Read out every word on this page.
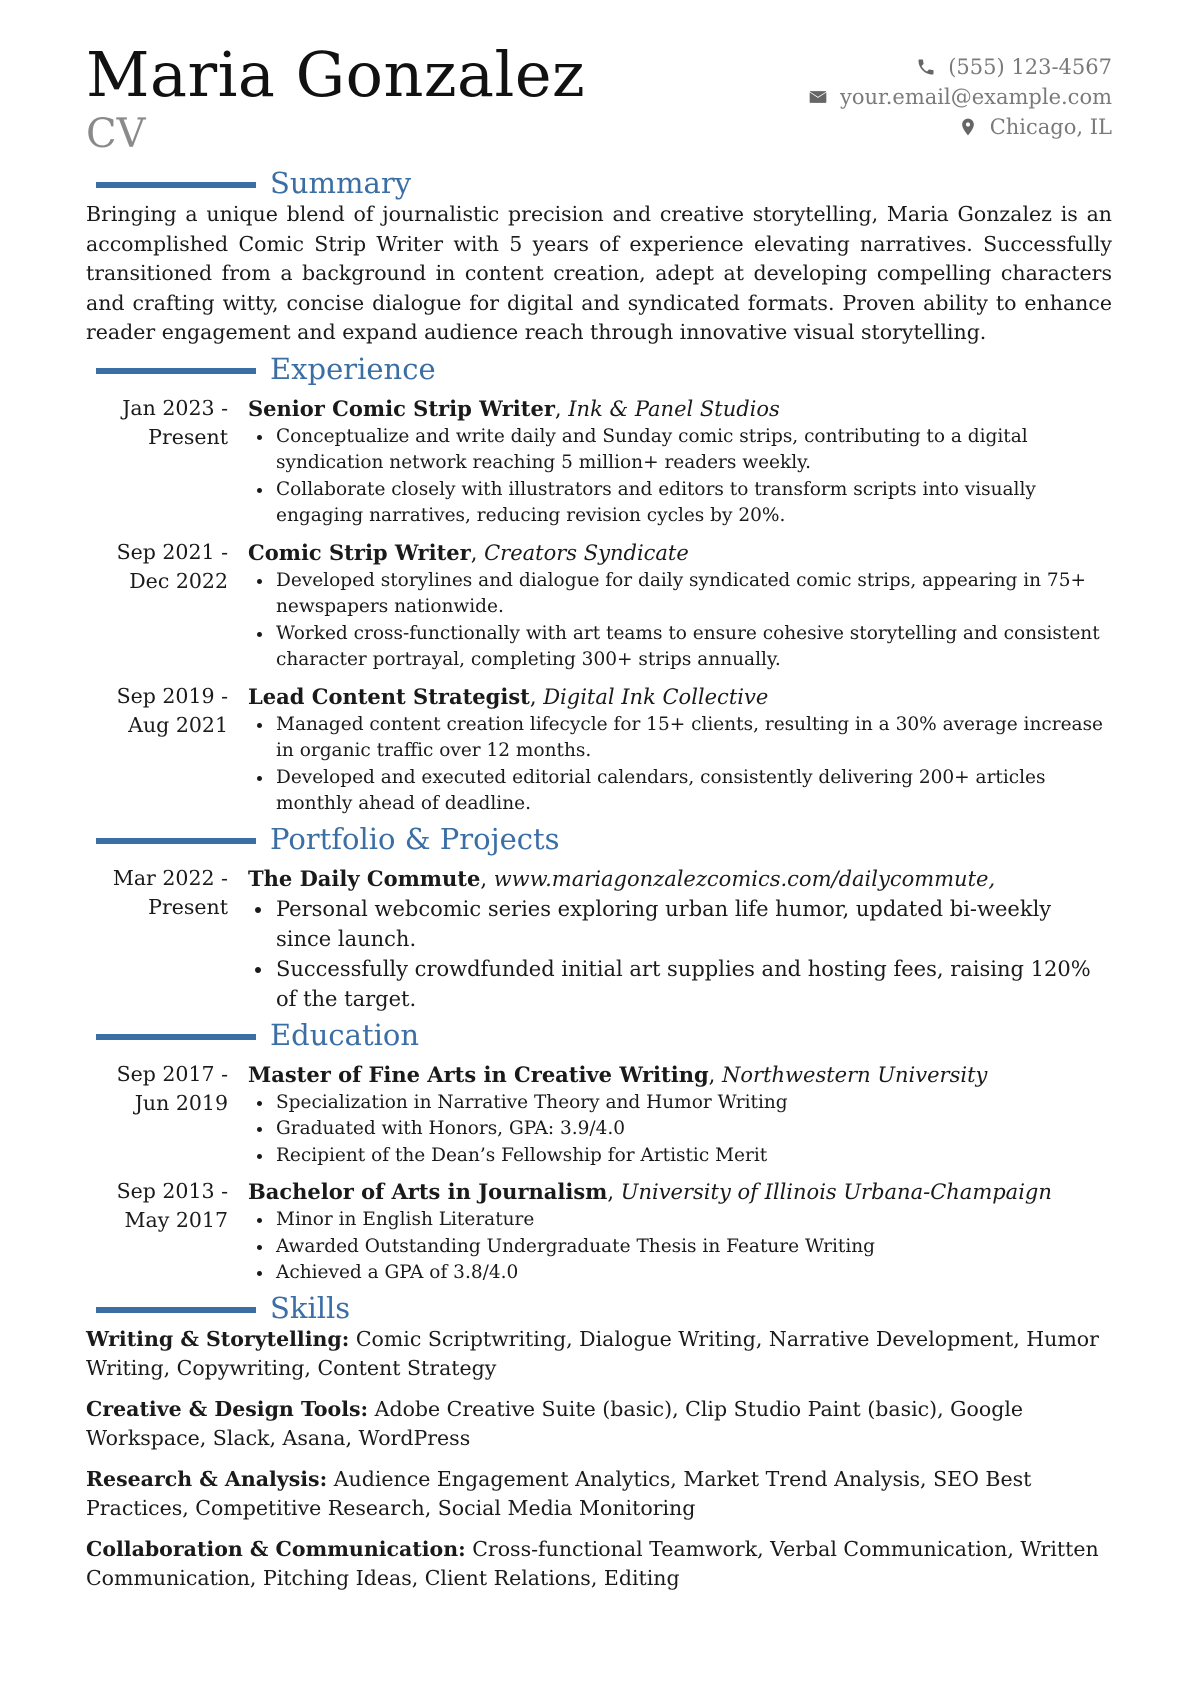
Maria Gonzalez
CV
(555) 123-4567
your.email@example.com
Chicago, IL
Summary

Bringing a unique blend of journalistic precision and creative storytelling, Maria Gonzalez is an accomplished Comic Strip Writer with 5 years of experience elevating narratives. Successfully transitioned from a background in content creation, adept at developing compelling characters and crafting witty, concise dialogue for digital and syndicated formats. Proven ability to enhance reader engagement and expand audience reach through innovative visual storytelling.

Experience
Jan 2023 - Present
Senior Comic Strip Writer, Ink & Panel Studios
• Conceptualize and write daily and Sunday comic strips, contributing to a digital syndication network reaching 5 million+ readers weekly.
• Collaborate closely with illustrators and editors to transform scripts into visually engaging narratives, reducing revision cycles by 20%.
Sep 2021 - Dec 2022
Comic Strip Writer, Creators Syndicate
• Developed storylines and dialogue for daily syndicated comic strips, appearing in 75+ newspapers nationwide.
• Worked cross-functionally with art teams to ensure cohesive storytelling and consistent character portrayal, completing 300+ strips annually.
Sep 2019 - Aug 2021
Lead Content Strategist, Digital Ink Collective
• Managed content creation lifecycle for 15+ clients, resulting in a 30% average increase in organic traffic over 12 months.
• Developed and executed editorial calendars, consistently delivering 200+ articles monthly ahead of deadline.
Portfolio & Projects
Mar 2022 - Present
The Daily Commute, www.mariagonzalezcomics.com/dailycommute,
• Personal webcomic series exploring urban life humor, updated bi-weekly since launch.
• Successfully crowdfunded initial art supplies and hosting fees, raising 120% of the target.
Education
Sep 2017 - Jun 2019
Master of Fine Arts in Creative Writing, Northwestern University
• Specialization in Narrative Theory and Humor Writing
• Graduated with Honors, GPA: 3.9/4.0
• Recipient of the Dean’s Fellowship for Artistic Merit
Sep 2013 - May 2017
Bachelor of Arts in Journalism, University of Illinois Urbana-Champaign
• Minor in English Literature
• Awarded Outstanding Undergraduate Thesis in Feature Writing
• Achieved a GPA of 3.8/4.0
Skills
Writing & Storytelling: Comic Scriptwriting, Dialogue Writing, Narrative Development, Humor Writing, Copywriting, Content Strategy
Creative & Design Tools: Adobe Creative Suite (basic), Clip Studio Paint (basic), Google Workspace, Slack, Asana, WordPress
Research & Analysis: Audience Engagement Analytics, Market Trend Analysis, SEO Best Practices, Competitive Research, Social Media Monitoring
Collaboration & Communication: Cross-functional Teamwork, Verbal Communication, Written Communication, Pitching Ideas, Client Relations, Editing
